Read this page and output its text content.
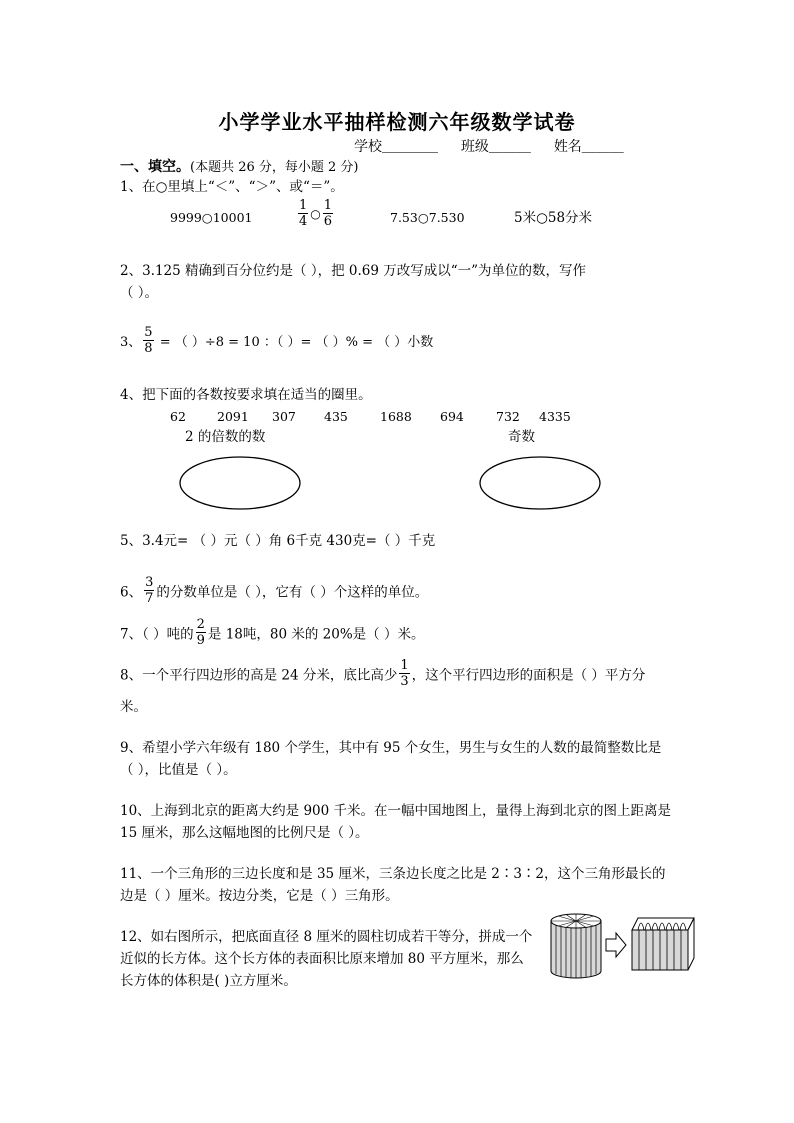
小学学业水平抽样检测六年级数学试卷
学校＿＿＿＿ 班级＿＿＿ 姓名＿＿＿
一、填空。(本题共 26 分，每小题 2 分)
1、在○里填上“＜”、“＞”、或“＝”。
9999○10001	$\frac{1}{4}$ ○ $\frac{1}{6}$	7.53○7.530	5米○58分米
2、3.125 精确到百分位约是（ ），把 0.69 万改写成以“一”为单位的数，写作
（ ）。
3、 $\frac{5}{8}$ = （ ）÷8 = 10 ：（ ）= （ ）% = （ ）小数
4、把下面的各数按要求填在适当的圈里。
62 2091 307 435	1688 694	732 4335
2 的倍数的数	奇数
5、3.4元= （ ）元（ ）角 6千克 430克=（ ）千克
6、 $\frac{3}{7}$ 的分数单位是（ ），它有（ ）个这样的单位。
7、（ ）吨的 $\frac{2}{9}$ 是 18吨，80 米的 20%是（ ）米。
8、一个平行四边形的高是 24 分米，底比高少 $\frac{1}{3}$ ，这个平行四边形的面积是（ ）平方分
米。
9、希望小学六年级有 180 个学生，其中有 95 个女生，男生与女生的人数的最简整数比是
（ ），比值是（ ）。
10、上海到北京的距离大约是 900 千米。在一幅中国地图上，量得上海到北京的图上距离是
15 厘米，那么这幅地图的比例尺是（ ）。
11、一个三角形的三边长度和是 35 厘米，三条边长度之比是 2∶3∶2，这个三角形最长的
边是（ ）厘米。按边分类，它是（ ）三角形。
12、如右图所示，把底面直径 8 厘米的圆柱切成若干等分，拼成一个
近似的长方体。这个长方体的表面积比原来增加 80 平方厘米，那么
长方体的体积是( )立方厘米。
